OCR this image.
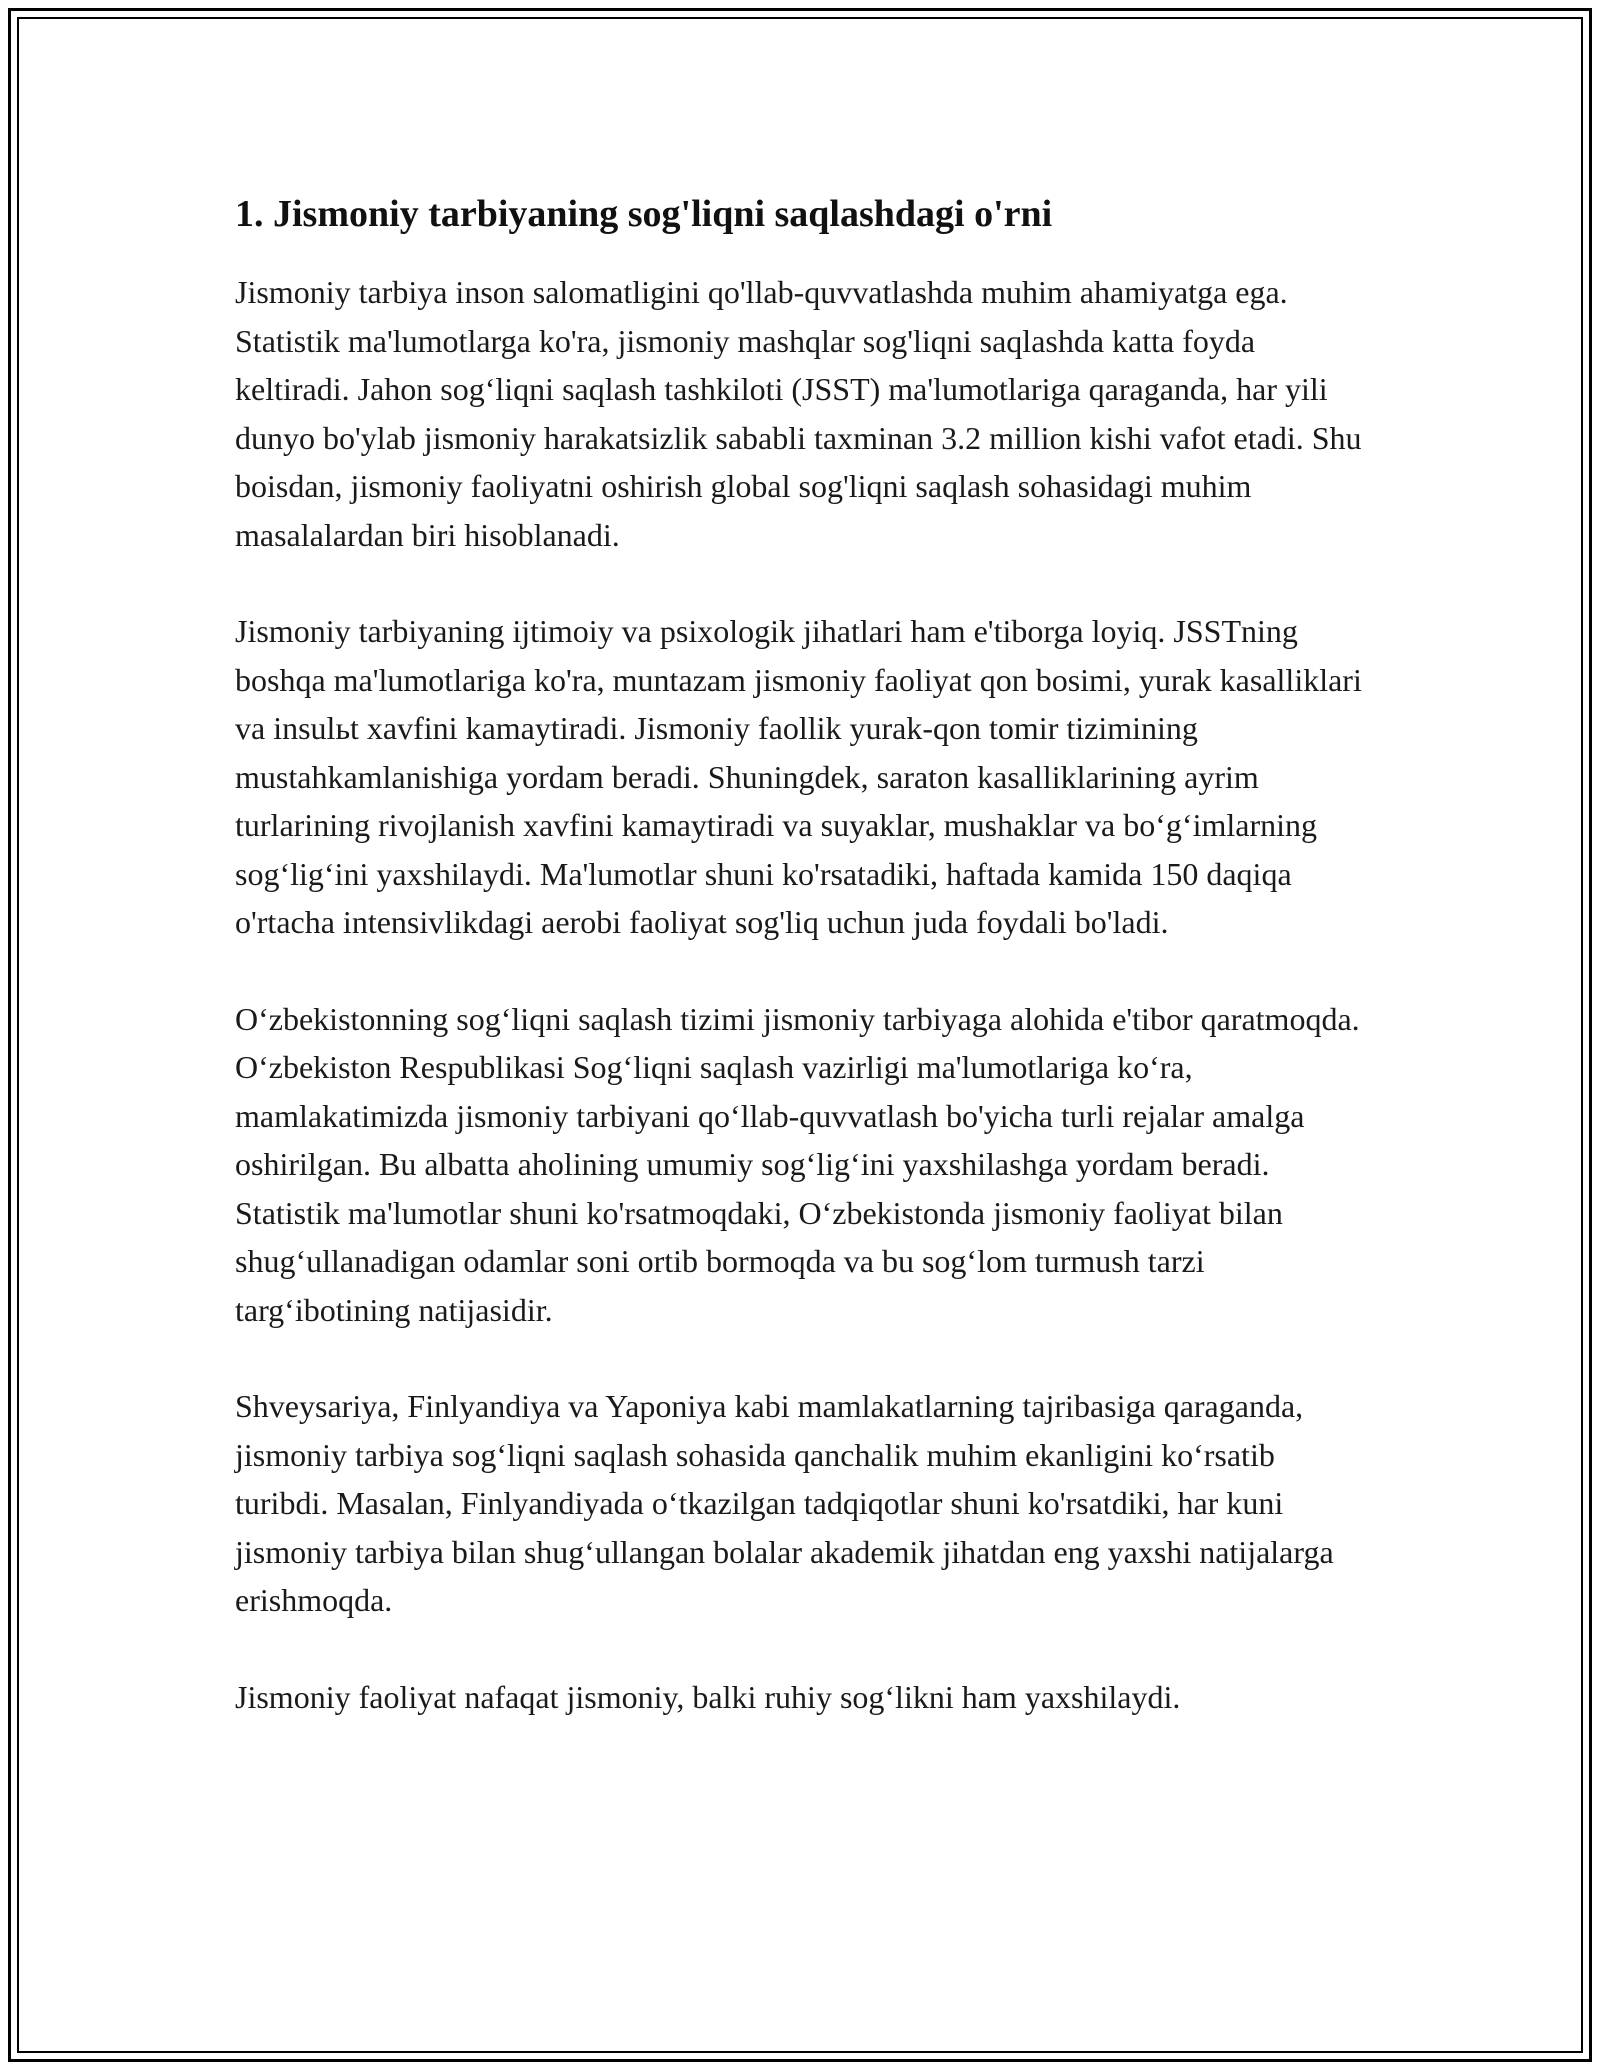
1. Jismoniy tarbiyaning sog'liqni saqlashdagi o'rni

Jismoniy tarbiya inson salomatligini qo'llab-quvvatlashda muhim ahamiyatga ega. Statistik ma'lumotlarga ko'ra, jismoniy mashqlar sog'liqni saqlashda katta foyda keltiradi. Jahon sog‘liqni saqlash tashkiloti (JSST) ma'lumotlariga qaraganda, har yili dunyo bo'ylab jismoniy harakatsizlik sababli taxminan 3.2 million kishi vafot etadi. Shu boisdan, jismoniy faoliyatni oshirish global sog'liqni saqlash sohasidagi muhim masalalardan biri hisoblanadi.

Jismoniy tarbiyaning ijtimoiy va psixologik jihatlari ham e'tiborga loyiq. JSSTning boshqa ma'lumotlariga ko'ra, muntazam jismoniy faoliyat qon bosimi, yurak kasalliklari va insulьt xavfini kamaytiradi. Jismoniy faollik yurak-qon tomir tizimining mustahkamlanishiga yordam beradi. Shuningdek, saraton kasalliklarining ayrim turlarining rivojlanish xavfini kamaytiradi va suyaklar, mushaklar va bo‘g‘imlarning sog‘lig‘ini yaxshilaydi. Ma'lumotlar shuni ko'rsatadiki, haftada kamida 150 daqiqa o'rtacha intensivlikdagi aerobi faoliyat sog'liq uchun juda foydali bo'ladi.

O‘zbekistonning sog‘liqni saqlash tizimi jismoniy tarbiyaga alohida e'tibor qaratmoqda. O‘zbekiston Respublikasi Sog‘liqni saqlash vazirligi ma'lumotlariga ko‘ra, mamlakatimizda jismoniy tarbiyani qo‘llab-quvvatlash bo'yicha turli rejalar amalga oshirilgan. Bu albatta aholining umumiy sog‘lig‘ini yaxshilashga yordam beradi. Statistik ma'lumotlar shuni ko'rsatmoqdaki, O‘zbekistonda jismoniy faoliyat bilan shug‘ullanadigan odamlar soni ortib bormoqda va bu sog‘lom turmush tarzi targ‘ibotining natijasidir.

Shveysariya, Finlyandiya va Yaponiya kabi mamlakatlarning tajribasiga qaraganda, jismoniy tarbiya sog‘liqni saqlash sohasida qanchalik muhim ekanligini ko‘rsatib turibdi. Masalan, Finlyandiyada o‘tkazilgan tadqiqotlar shuni ko'rsatdiki, har kuni jismoniy tarbiya bilan shug‘ullangan bolalar akademik jihatdan eng yaxshi natijalarga erishmoqda.

Jismoniy faoliyat nafaqat jismoniy, balki ruhiy sog‘likni ham yaxshilaydi.
